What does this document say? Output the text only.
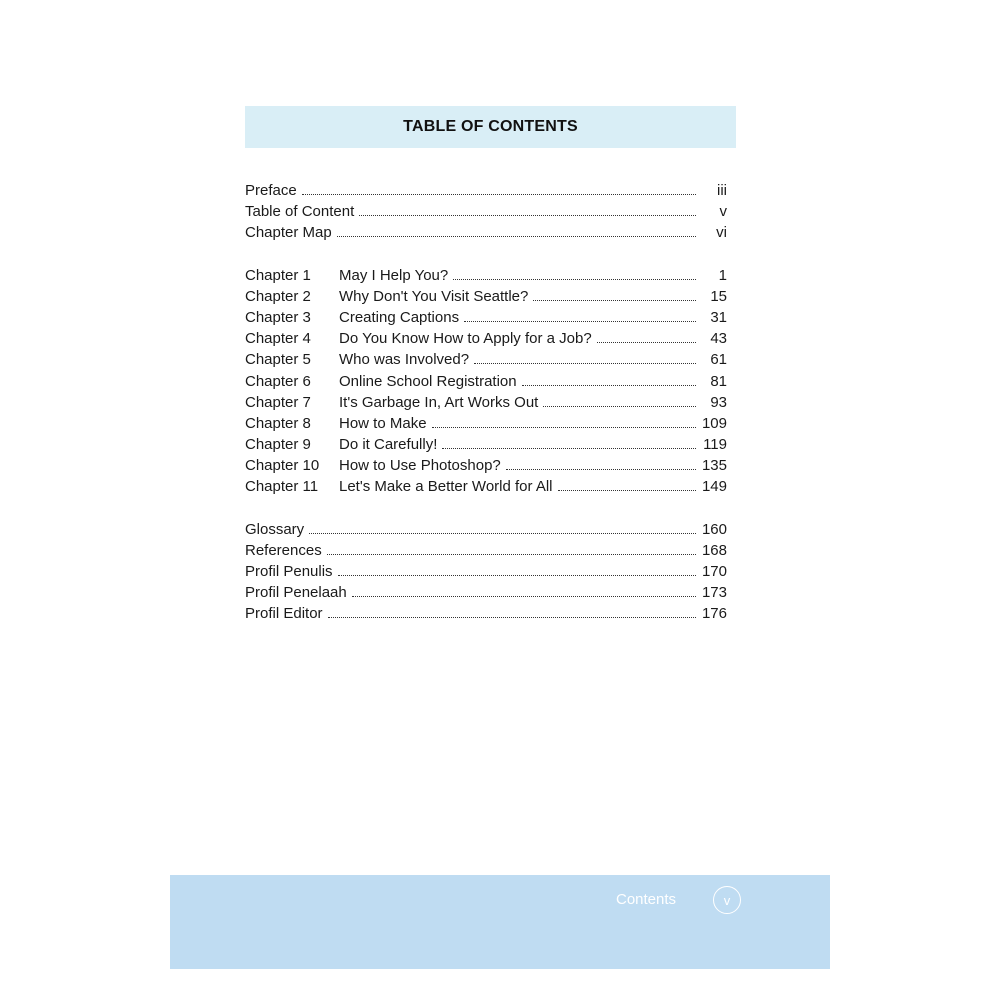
TABLE OF CONTENTS
Preface	iii
Table of Content	v
Chapter Map	vi
Chapter 1	May I Help You?	1
Chapter 2	Why Don't You Visit Seattle?	15
Chapter 3	Creating Captions	31
Chapter 4	Do You Know How to Apply for a Job?	43
Chapter 5	Who was Involved?	61
Chapter 6	Online School Registration	81
Chapter 7	It's Garbage In, Art Works Out	93
Chapter 8	How to Make	109
Chapter 9	Do it Carefully!	119
Chapter 10	How to Use Photoshop?	135
Chapter 11	Let's Make a Better World for All	149
Glossary	160
References	168
Profil Penulis	170
Profil Penelaah	173
Profil Editor	176
Contents	v
